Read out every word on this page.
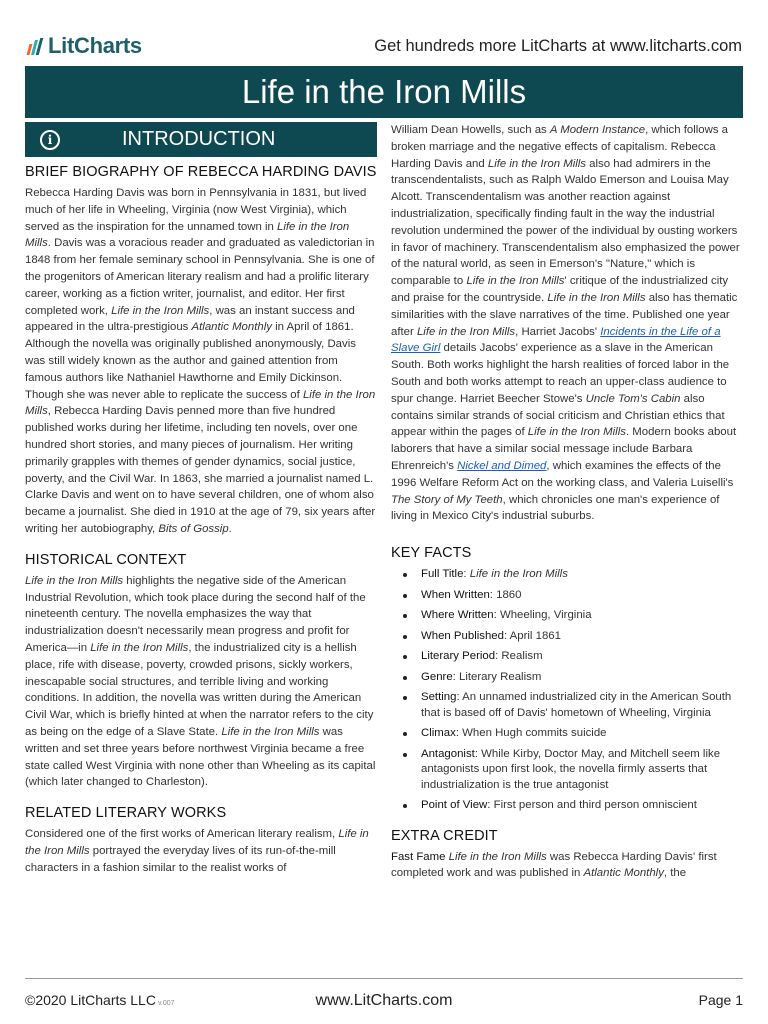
LitCharts	Get hundreds more LitCharts at www.litcharts.com
Life in the Iron Mills
i	INTRODUCTION
BRIEF BIOGRAPHY OF REBECCA HARDING DAVIS

Rebecca Harding Davis was born in Pennsylvania in 1831, but lived much of her life in Wheeling, Virginia (now West Virginia), which served as the inspiration for the unnamed town in Life in the Iron Mills. Davis was a voracious reader and graduated as valedictorian in 1848 from her female seminary school in Pennsylvania. She is one of the progenitors of American literary realism and had a prolific literary career, working as a fiction writer, journalist, and editor. Her first completed work, Life in the Iron Mills, was an instant success and appeared in the ultra-prestigious Atlantic Monthly in April of 1861. Although the novella was originally published anonymously, Davis was still widely known as the author and gained attention from famous authors like Nathaniel Hawthorne and Emily Dickinson. Though she was never able to replicate the success of Life in the Iron Mills, Rebecca Harding Davis penned more than five hundred published works during her lifetime, including ten novels, over one hundred short stories, and many pieces of journalism. Her writing primarily grapples with themes of gender dynamics, social justice, poverty, and the Civil War. In 1863, she married a journalist named L. Clarke Davis and went on to have several children, one of whom also became a journalist. She died in 1910 at the age of 79, six years after writing her autobiography, Bits of Gossip.

HISTORICAL CONTEXT

Life in the Iron Mills highlights the negative side of the American Industrial Revolution, which took place during the second half of the nineteenth century. The novella emphasizes the way that industrialization doesn't necessarily mean progress and profit for America—in Life in the Iron Mills, the industrialized city is a hellish place, rife with disease, poverty, crowded prisons, sickly workers, inescapable social structures, and terrible living and working conditions. In addition, the novella was written during the American Civil War, which is briefly hinted at when the narrator refers to the city as being on the edge of a Slave State. Life in the Iron Mills was written and set three years before northwest Virginia became a free state called West Virginia with none other than Wheeling as its capital (which later changed to Charleston).

RELATED LITERARY WORKS

Considered one of the first works of American literary realism, Life in the Iron Mills portrayed the everyday lives of its run-of-the-mill characters in a fashion similar to the realist works of

William Dean Howells, such as A Modern Instance, which follows a broken marriage and the negative effects of capitalism. Rebecca Harding Davis and Life in the Iron Mills also had admirers in the transcendentalists, such as Ralph Waldo Emerson and Louisa May Alcott. Transcendentalism was another reaction against industrialization, specifically finding fault in the way the industrial revolution undermined the power of the individual by ousting workers in favor of machinery. Transcendentalism also emphasized the power of the natural world, as seen in Emerson's "Nature," which is comparable to Life in the Iron Mills' critique of the industrialized city and praise for the countryside. Life in the Iron Mills also has thematic similarities with the slave narratives of the time. Published one year after Life in the Iron Mills, Harriet Jacobs' Incidents in the Life of a Slave Girl details Jacobs' experience as a slave in the American South. Both works highlight the harsh realities of forced labor in the South and both works attempt to reach an upper-class audience to spur change. Harriet Beecher Stowe's Uncle Tom's Cabin also contains similar strands of social criticism and Christian ethics that appear within the pages of Life in the Iron Mills. Modern books about laborers that have a similar social message include Barbara Ehrenreich's Nickel and Dimed, which examines the effects of the 1996 Welfare Reform Act on the working class, and Valeria Luiselli's The Story of My Teeth, which chronicles one man's experience of living in Mexico City's industrial suburbs.

KEY FACTS
Full Title: Life in the Iron Mills
When Written: 1860
Where Written: Wheeling, Virginia
When Published: April 1861
Literary Period: Realism
Genre: Literary Realism
Setting: An unnamed industrialized city in the American South that is based off of Davis' hometown of Wheeling, Virginia
Climax: When Hugh commits suicide
Antagonist: While Kirby, Doctor May, and Mitchell seem like antagonists upon first look, the novella firmly asserts that industrialization is the true antagonist
Point of View: First person and third person omniscient
EXTRA CREDIT

Fast Fame Life in the Iron Mills was Rebecca Harding Davis' first completed work and was published in Atlantic Monthly, the

©2020 LitCharts LLC v.007	www.LitCharts.com	Page 1
